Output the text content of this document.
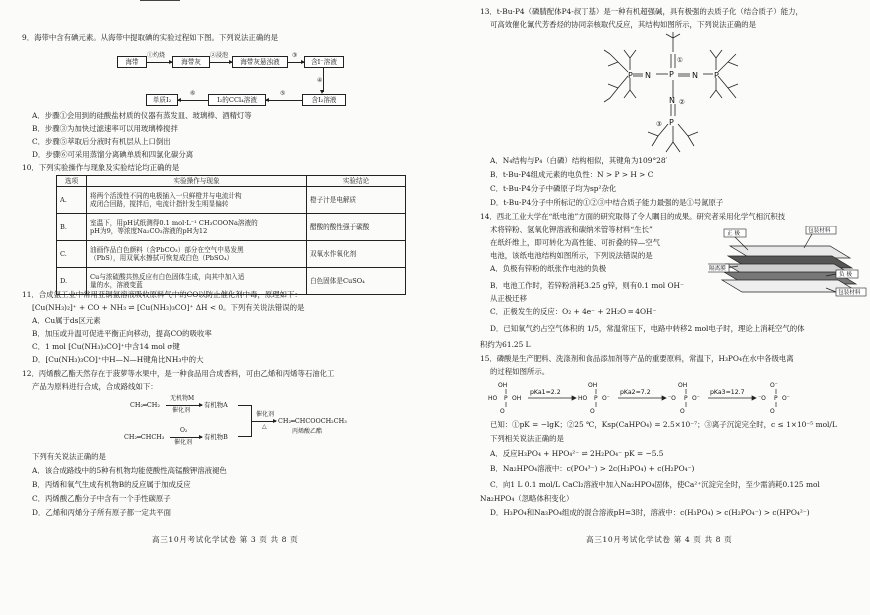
9．海带中含有碘元素。从海带中提取碘的实验过程如下图。下列说法正确的是
海带
①灼烧
海带灰
②浸泡
海带灰悬浊液
③
含I⁻溶液
④
含I₂溶液
⑤
I₂的CCl₄溶液
⑥
单质I₂
A．步骤①会用到的硅酸盐材质的仪器有蒸发皿、玻璃棒、酒精灯等
B．步骤③为加快过滤速率可以用玻璃棒搅拌
C．步骤⑤萃取后分液时有机层从上口倒出
D．步骤⑥可采用蒸馏分离碘单质和四氯化碳分离
10．下列实验操作与现象及实验结论均正确的是
选项	实验操作与现象	实验结论
A.	将两个活泼性不同的电极插入一只鲜橙并与电流计构
成闭合回路，搅拌后，电流计指针发生明显偏转	橙子汁是电解质
B.	室温下，用pH试纸测得0.1 mol·L⁻¹ CH₃COONa溶液的
pH为9，等浓度Na₂CO₃溶液的pH为12	醋酸的酸性强于碳酸
C.	油画作品白色颜料（含PbCO₃）部分在空气中易发黑
（PbS），用双氧水擦拭可恢复成白色（PbSO₄）	双氧水作氧化剂
D.	Cu与浓硫酸共热反应有白色固体生成，向其中加入适
量的水，溶液变蓝	白色固体是CuSO₄
11．合成氨工业中常用亚铜氨溶液吸收原料气中的CO以防止催化剂中毒，原理如下：
[Cu(NH₃)₂]⁺ + CO + NH₃ ⇌ [Cu(NH₃)₃CO]⁺ ΔH < 0。下列有关说法错误的是
A．Cu属于ds区元素
B．加压或升温可促进平衡正向移动，提高CO的吸收率
C．1 mol [Cu(NH₃)₃CO]⁺中含14 mol σ键
D．[Cu(NH₃)₃CO]⁺中H—N—H键角比NH₃中的大
12．丙烯酸乙酯天然存在于菠萝等水果中，是一种食品用合成香料，可由乙烯和丙烯等石油化工
产品为原料进行合成，合成路线如下：
CH₂═CH₂
无机物M
催化剂
有机物A
CH₂═CHCH₃
O₂
催化剂
有机物B
催化剂
△
CH₂═CHCOOCH₂CH₃
丙烯酸乙酯
下列有关说法正确的是
A．该合成路线中的5种有机物均能使酸性高锰酸钾溶液褪色
B．丙烯和氧气生成有机物B的反应属于加成反应
C．丙烯酸乙酯分子中含有一个手性碳原子
D．乙烯和丙烯分子所有原子都一定共平面
高三10月考试化学试卷 第 3 页 共 8 页
13．t-Bu-P4（磷腈配体P4-叔丁基）是一种有机超强碱，具有极强的去质子化（结合质子）能力，
可高效催化氰代芳香烃的协同亲核取代反应，其结构如图所示，下列说法正确的是
P
N	N
P	P
N
P
①
②
③
A．N₄结构与P₄（白磷）结构相似，其键角为109°28′
B．t-Bu-P4组成元素的电负性：N > P > H > C
C．t-Bu-P4分子中磷原子均为sp²杂化
D．t-Bu-P4分子中所标记的①②③中结合质子能力最强的是①号氮原子
14．西北工业大学在“纸电池”方面的研究取得了令人瞩目的成果。研究者采用化学气相沉积技
术将锌粉、氢氧化钾溶液和碳纳米管等材料“生长”
在纸纤维上，即可转化为高性能、可折叠的锌—空气
电池，该纸电池结构如图所示，下列说法错误的是
正 极	包装材料
隔离膜
负 极
包装材料
A．负极有锌粉的纸张作电池的负极
B．电池工作时，若锌粉消耗3.25 g锌，则有0.1 mol OH⁻
从正极迁移
C．正极发生的反应：O₂ + 4e⁻ + 2H₂O ═ 4OH⁻
D．已知氧气约占空气体积的 1/5，常温常压下，电路中转移2 mol电子时，理论上消耗空气的体
积约为61.25 L
15．磷酸是生产肥料、洗涤剂和食品添加剂等产品的重要原料，常温下，H₃PO₄在水中各级电离
的过程如图所示。
OH
HO P OH
O
OH
HO P O⁻
O
OH
⁻O P O⁻
O
O⁻
⁻O P O⁻
O
pKa1=2.2	pKa2=7.2	pKa3=12.7
已知：①pK = −lgK；②25 ℃，Ksp(CaHPO₄) = 2.5×10⁻⁷；③离子沉淀完全时，c ≤ 1×10⁻⁵ mol/L
下列相关说法正确的是
A．反应H₃PO₄ + HPO₄²⁻ ⇌ 2H₂PO₄⁻ pK = −5.5
B．Na₂HPO₄溶液中：c(PO₄³⁻) > 2c(H₃PO₄) + c(H₂PO₄⁻)
C．向1 L 0.1 mol/L CaCl₂溶液中加入Na₂HPO₄固体，使Ca²⁺沉淀完全时，至少需消耗0.125 mol
Na₂HPO₄（忽略体积变化）
D．H₃PO₄和Na₃PO₄组成的混合溶液pH=3时，溶液中：c(H₃PO₄) > c(H₂PO₄⁻) > c(HPO₄²⁻)
高三10月考试化学试卷 第 4 页 共 8 页
